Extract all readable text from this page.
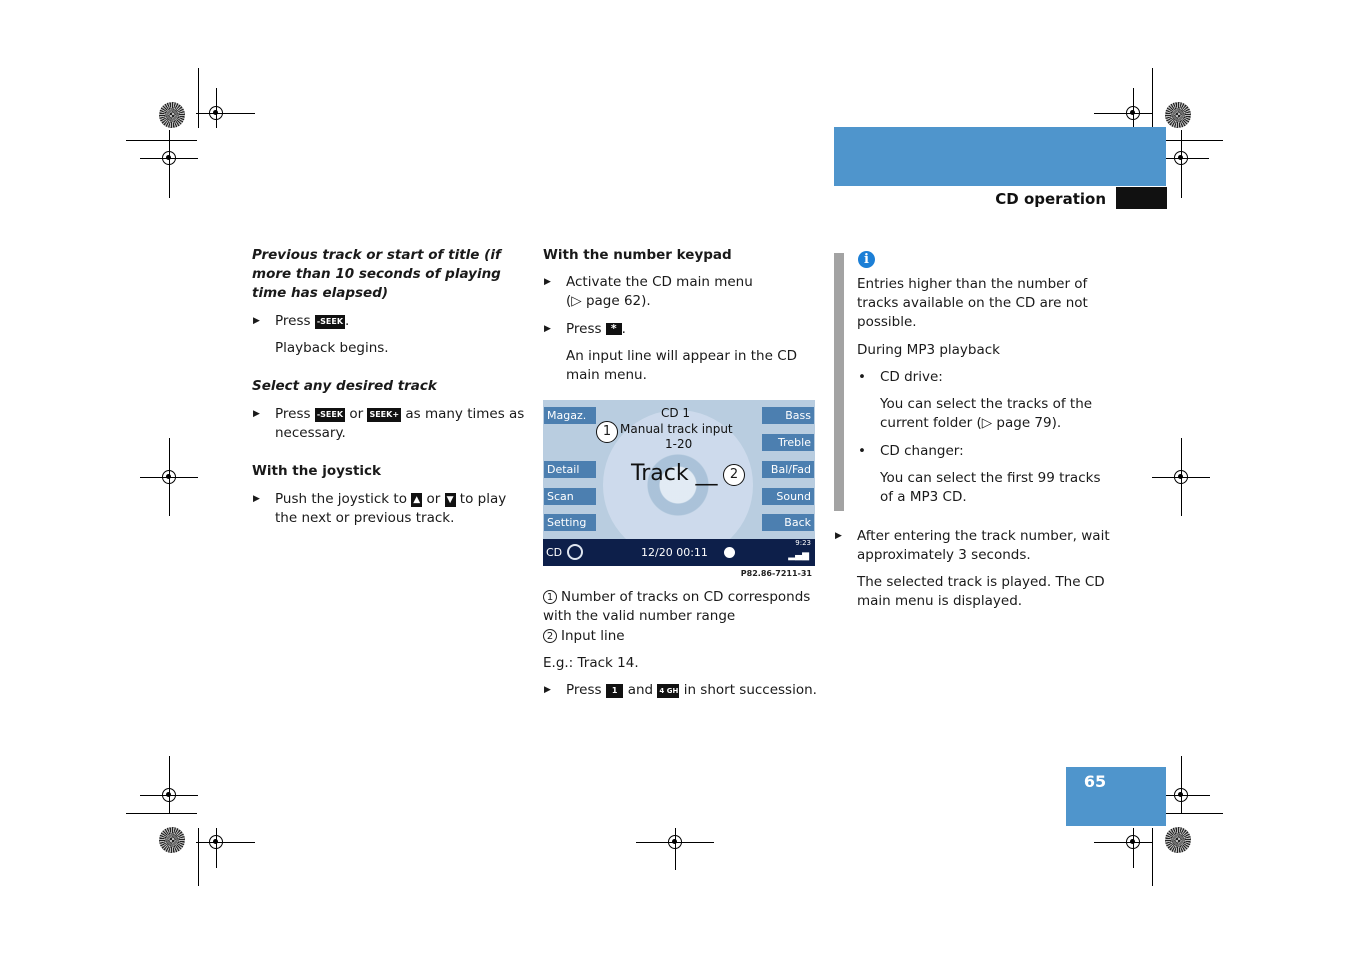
Audio
CD operation
Previous track or start of title (if more than 10 seconds of playing time has elapsed)
▶ Press -SEEK .
Playback begins.
Select any desired track
▶ Press -SEEK or SEEK+ as many times as necessary.
With the joystick
▶ Push the joystick to ▲ or ▼ to play the next or previous track.
With the number keypad
▶ Activate the CD main menu
(▷ page 62).
▶ Press * .
An input line will appear in the CD main menu.
Magaz.
Detail
Scan
Setting
Bass
Treble
Bal/Fad
Sound
Back
CD 1
1 Manual track input
1-20
Track __ 2
CD	12/20 00:11
9:23
▂▄▆
P82.86-7211-31
1 Number of tracks on CD corresponds with the valid number range
2 Input line
E.g.: Track 14.
▶ Press 1 and 4 GHI in short succession.
i
Entries higher than the number of tracks available on the CD are not possible.
During MP3 playback
• CD drive:
You can select the tracks of the current folder (▷ page 79).
• CD changer:
You can select the first 99 tracks of a MP3 CD.
▶ After entering the track number, wait approximately 3 seconds.
The selected track is played. The CD main menu is displayed.
65
